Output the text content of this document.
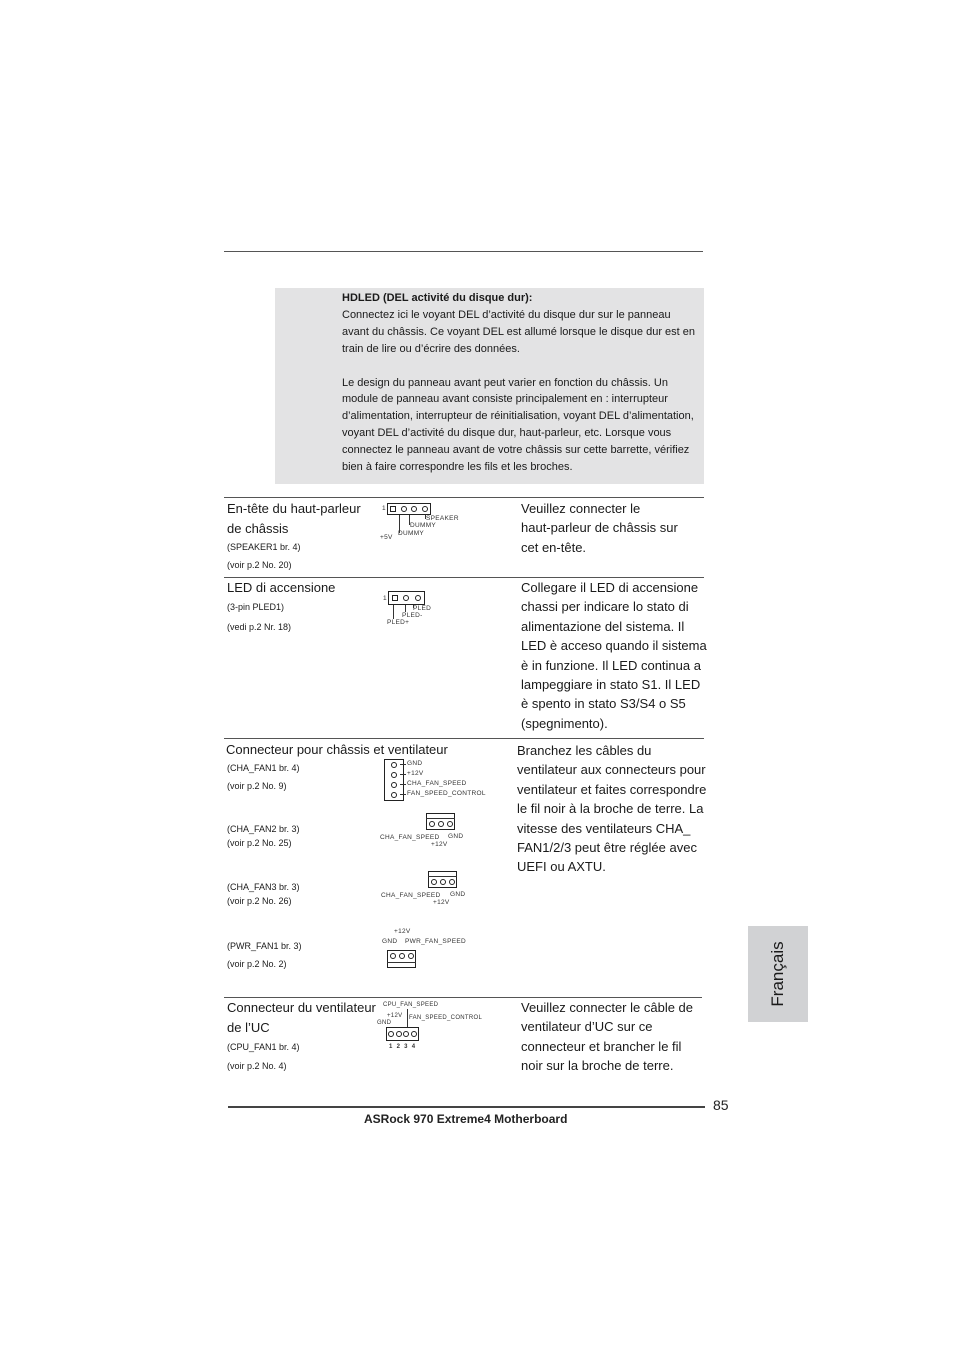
HDLED (DEL activité du disque dur):

Connectez ici le voyant DEL d’activité du disque dur sur le panneau

avant du châssis. Ce voyant DEL est allumé lorsque le disque dur est en

train de lire ou d’écrire des données.

Le design du panneau avant peut varier en fonction du châssis. Un

module de panneau avant consiste principalement en : interrupteur

d’alimentation, interrupteur de réinitialisation, voyant DEL d’alimentation,

voyant DEL d’activité du disque dur, haut-parleur, etc. Lorsque vous

connectez le panneau avant de votre châssis sur cette barrette, vérifiez

bien à faire correspondre les fils et les broches.

En-tête du haut-parleur
de châssis
(SPEAKER1 br. 4)
(voir p.2 No. 20)
1
SPEAKER
DUMMY
+5V
DUMMY

Veuillez connecter le

haut-parleur de châssis sur

cet en-tête.

LED di accensione
(3-pin PLED1)
(vedi p.2 Nr. 18)
1
PLED
PLED-
PLED+

Collegare il LED di accensione

chassi per indicare lo stato di

alimentazione del sistema. Il

LED è acceso quando il sistema

è in funzione. Il LED continua a

lampeggiare in stato S1. Il LED

è spento in stato S3/S4 o S5

(spegnimento).

Connecteur pour châssis et ventilateur
(CHA_FAN1 br. 4)
(voir p.2 No. 9)
(CHA_FAN2 br. 3)
(voir p.2 No. 25)
(CHA_FAN3 br. 3)
(voir p.2 No. 26)
(PWR_FAN1 br. 3)
(voir p.2 No. 2)
GND
+12V
CHA_FAN_SPEED
FAN_SPEED_CONTROL
CHA_FAN_SPEED GND
+12V
CHA_FAN_SPEED GND
+12V
+12V
GND PWR_FAN_SPEED

Branchez les câbles du

ventilateur aux connecteurs pour

ventilateur et faites correspondre

le fil noir à la broche de terre. La

vitesse des ventilateurs CHA_

FAN1/2/3 peut être réglée avec

UEFI ou AXTU.

Connecteur du ventilateur
de l’UC
(CPU_FAN1 br. 4)
(voir p.2 No. 4)
CPU_FAN_SPEED
+12V
GND
FAN_SPEED_CONTROL
1  2  3  4

Veuillez connecter le câble de

ventilateur d’UC sur ce

connecteur et brancher le fil

noir sur la broche de terre.

Français
85
ASRock 970 Extreme4 Motherboard
